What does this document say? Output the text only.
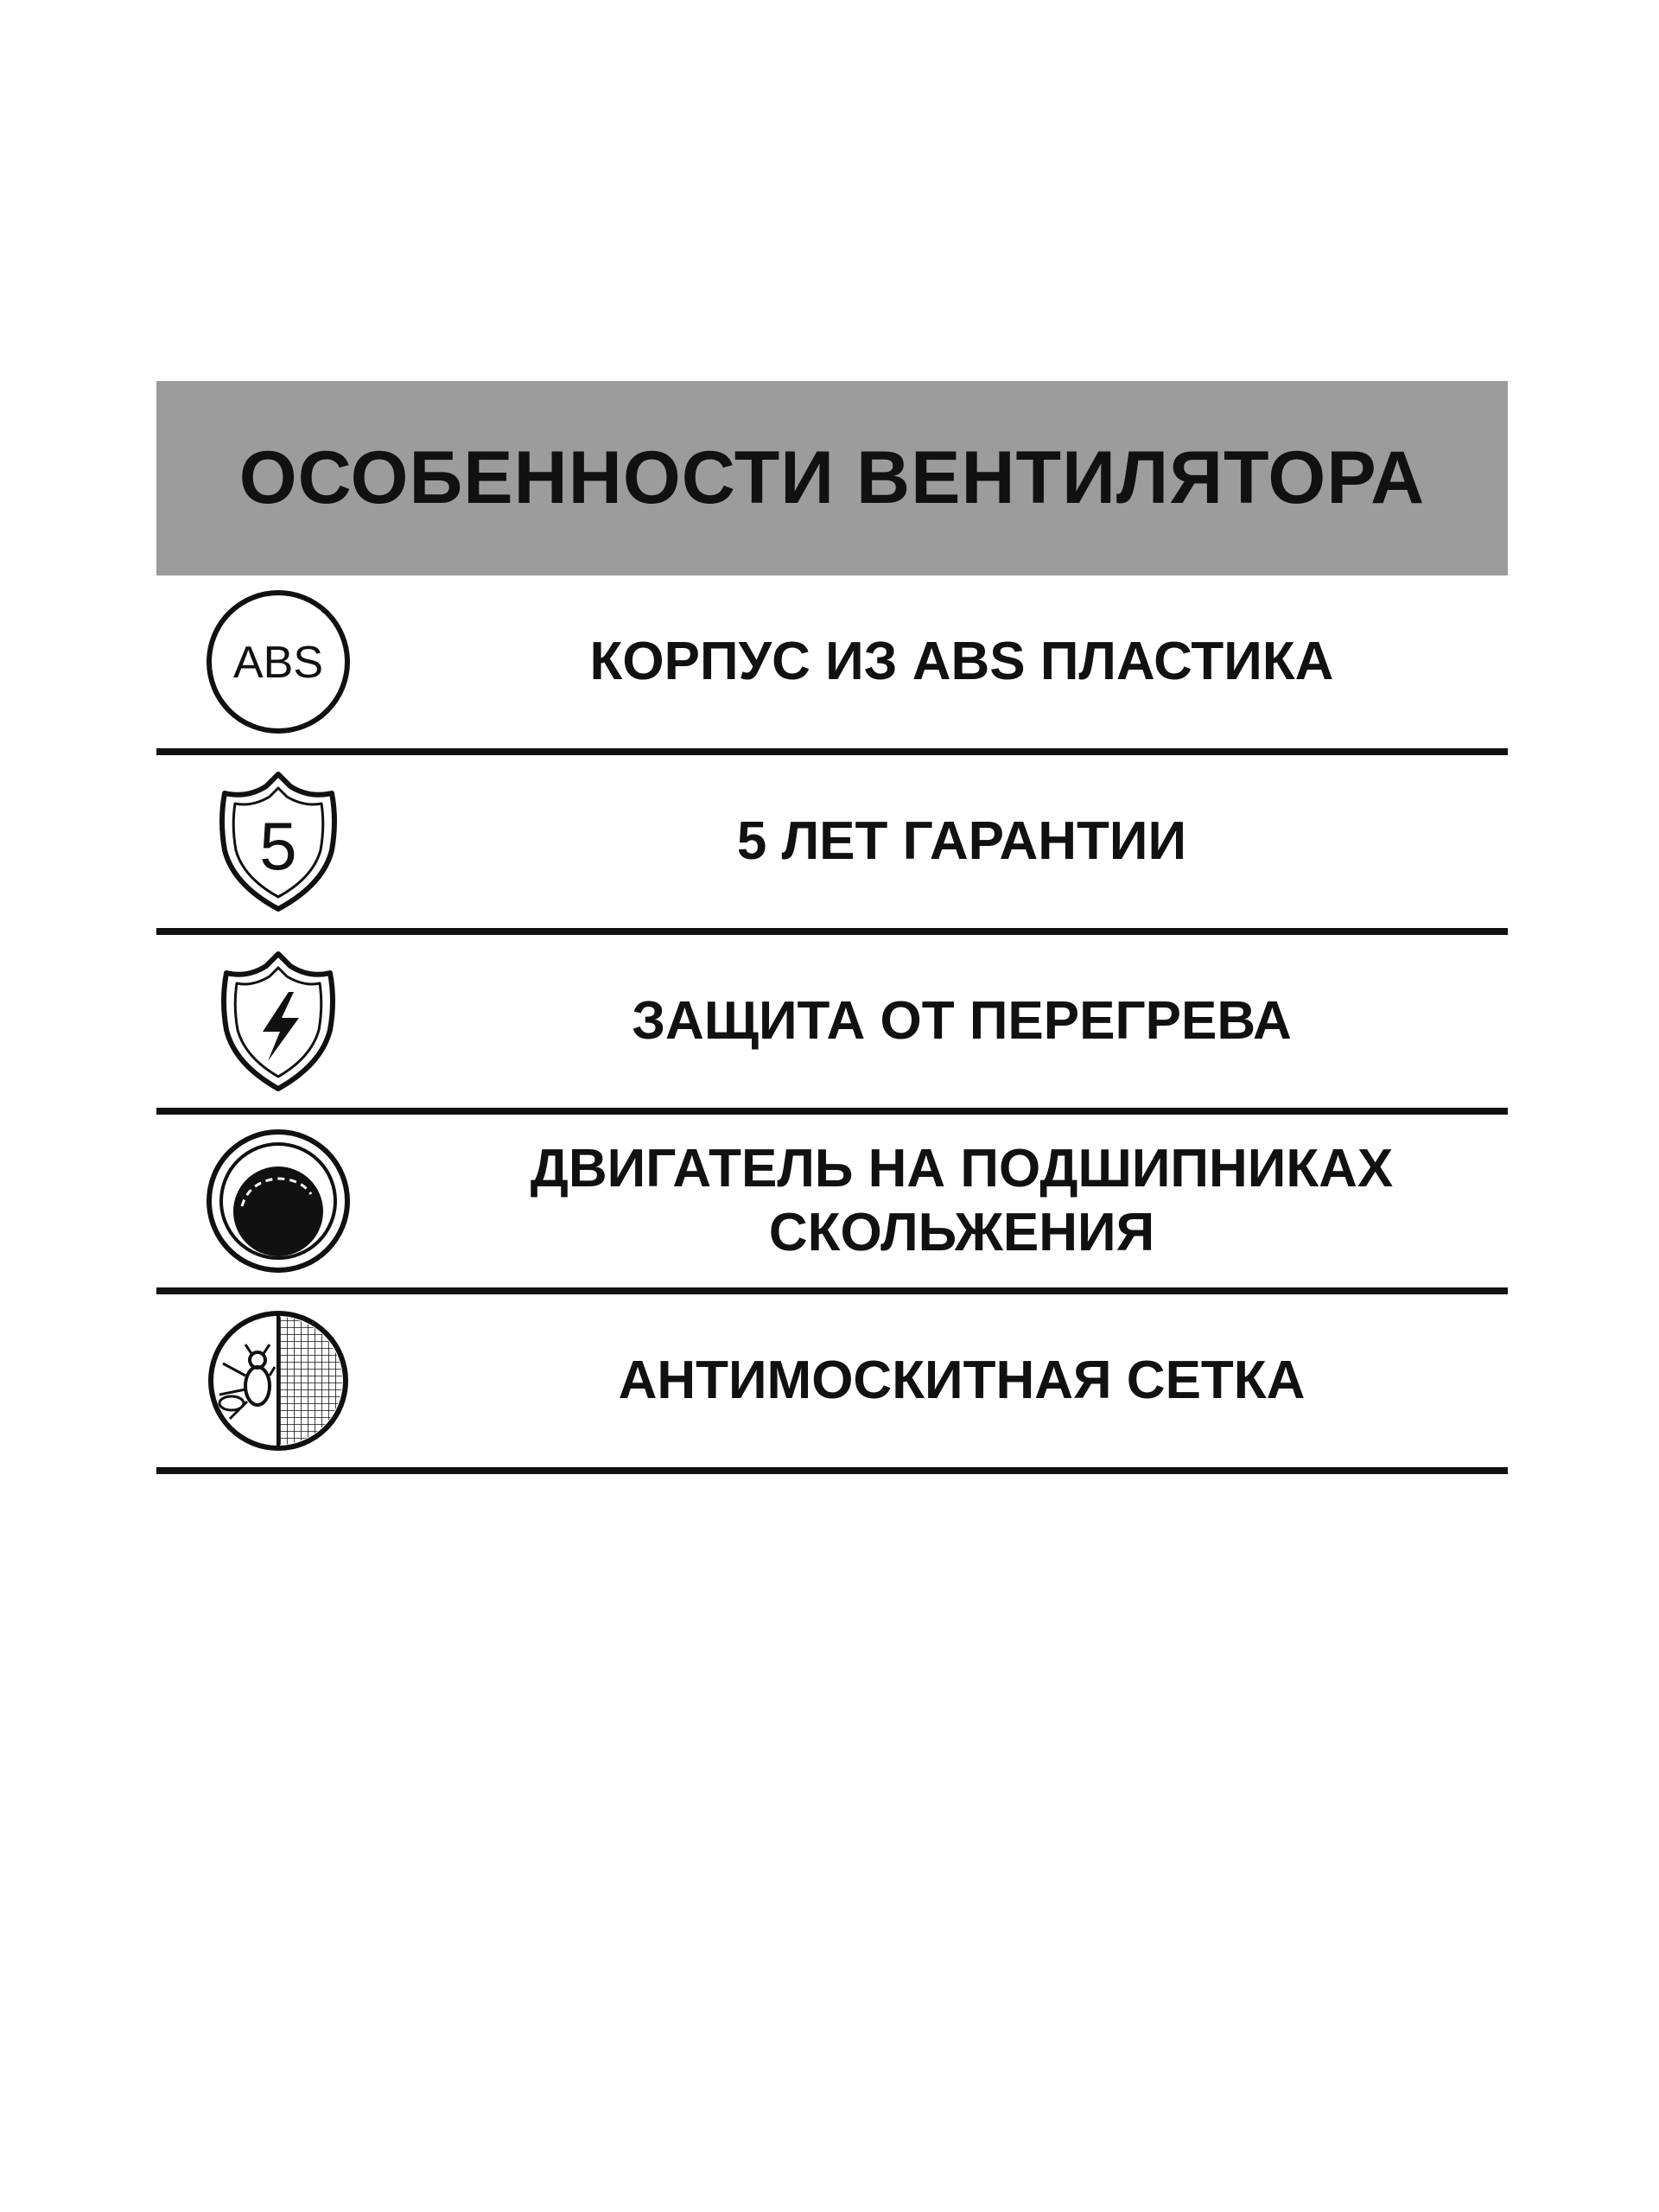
ОСОБЕННОСТИ ВЕНТИЛЯТОРА
ABS	КОРПУС ИЗ ABS ПЛАСТИКА
5	5 ЛЕТ ГАРАНТИИ
ЗАЩИТА ОТ ПЕРЕГРЕВА
ДВИГАТЕЛЬ НА ПОДШИПНИКАХ
СКОЛЬЖЕНИЯ
АНТИМОСКИТНАЯ СЕТКА
